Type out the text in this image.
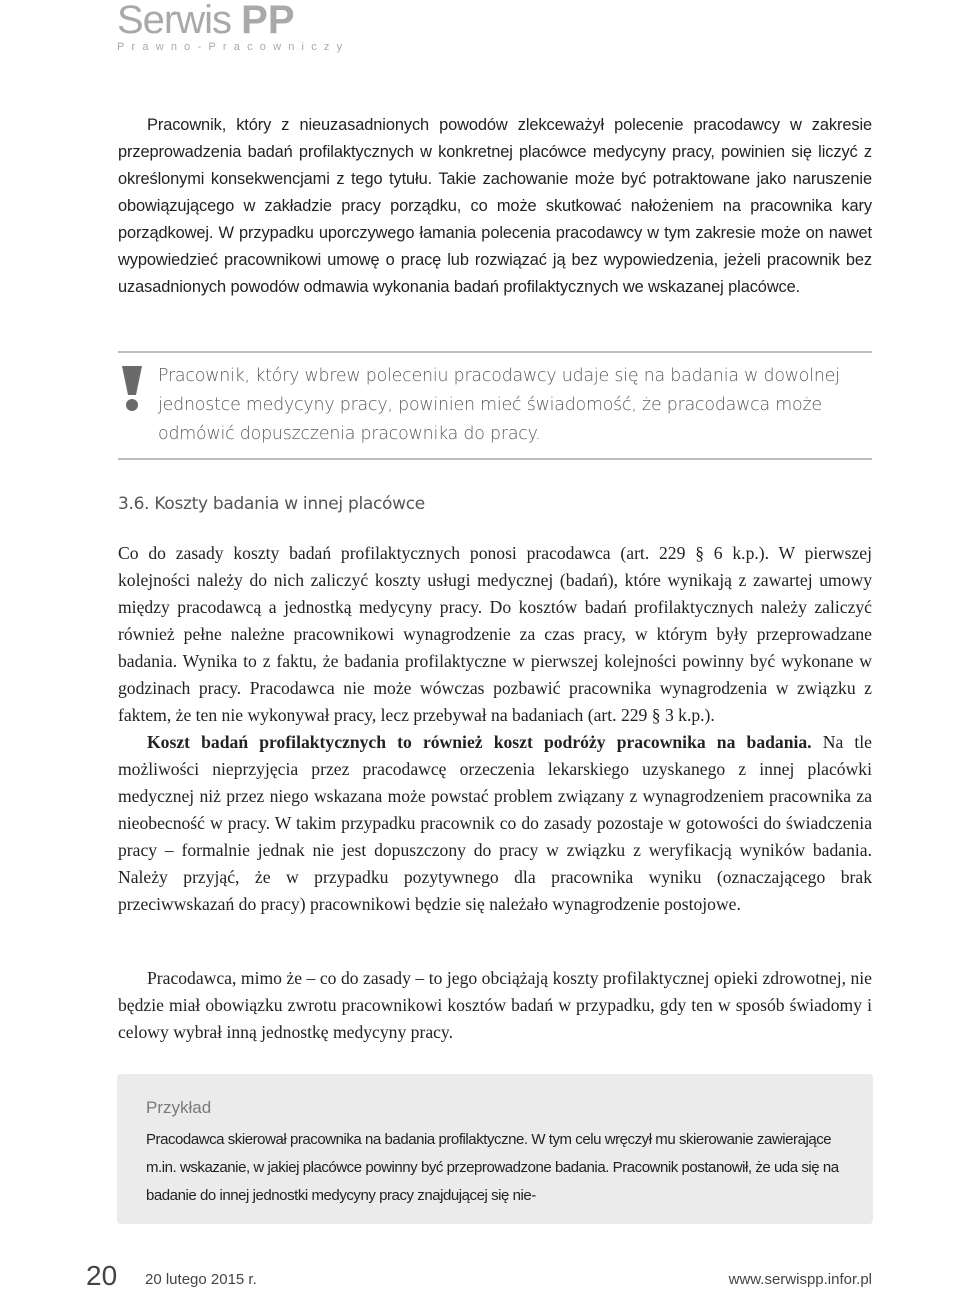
Serwis PP
Prawno-Pracowniczy

Pracownik, który z nieuzasadnionych powodów zlekceważył polecenie pracodawcy w zakresie przeprowadzenia badań profilaktycznych w konkretnej placówce medycyny pracy, powinien się liczyć z określonymi konsekwencjami z tego tytułu. Takie zachowanie może być potraktowane jako naruszenie obowiązującego w zakładzie pracy porządku, co może skutkować nałożeniem na pracownika kary porządkowej. W przypadku uporczywego łamania polecenia pracodawcy w tym zakresie może on nawet wypowiedzieć pracownikowi umowę o pracę lub rozwiązać ją bez wypowiedzenia, jeżeli pracownik bez uzasadnionych powodów odmawia wykonania badań profilaktycznych we wskazanej placówce.

Pracownik, który wbrew poleceniu pracodawcy udaje się na badania w dowolnej jednostce medycyny pracy, powinien mieć świadomość, że pracodawca może odmówić dopuszczenia pracownika do pracy.

3.6. Koszty badania w innej placówce

Co do zasady koszty badań profilaktycznych ponosi pracodawca (art. 229 § 6 k.p.). W pierwszej kolejności należy do nich zaliczyć koszty usługi medycznej (badań), które wynikają z zawartej umowy między pracodawcą a jednostką medycyny pracy. Do kosztów badań profilaktycznych należy zaliczyć również pełne należne pracownikowi wynagrodzenie za czas pracy, w którym były przeprowadzane badania. Wynika to z faktu, że badania profilaktyczne w pierwszej kolejności powinny być wykonane w godzinach pracy. Pracodawca nie może wówczas pozbawić pracownika wynagrodzenia w związku z faktem, że ten nie wykonywał pracy, lecz przebywał na badaniach (art. 229 § 3 k.p.).
Koszt badań profilaktycznych to również koszt podróży pracownika na badania. Na tle możliwości nieprzyjęcia przez pracodawcę orzeczenia lekarskiego uzyskanego z innej placówki medycznej niż przez niego wskazana może powstać problem związany z wynagrodzeniem pracownika za nieobecność w pracy. W takim przypadku pracownik co do zasady pozostaje w gotowości do świadczenia pracy – formalnie jednak nie jest dopuszczony do pracy w związku z weryfikacją wyników badania. Należy przyjąć, że w przypadku pozytywnego dla pracownika wyniku (oznaczającego brak przeciwwskazań do pracy) pracownikowi będzie się należało wynagrodzenie postojowe.

Pracodawca, mimo że – co do zasady – to jego obciążają koszty profilaktycznej opieki zdrowotnej, nie będzie miał obowiązku zwrotu pracownikowi kosztów badań w przypadku, gdy ten w sposób świadomy i celowy wybrał inną jednostkę medycyny pracy.

Przykład

Pracodawca skierował pracownika na badania profilaktyczne. W tym celu wręczył mu skierowanie zawierające m.in. wskazanie, w jakiej placówce powinny być przeprowadzone badania. Pracownik postanowił, że uda się na badanie do innej jednostki medycyny pracy znajdującej się nie-

20 20 lutego 2015 r.	www.serwispp.infor.pl
